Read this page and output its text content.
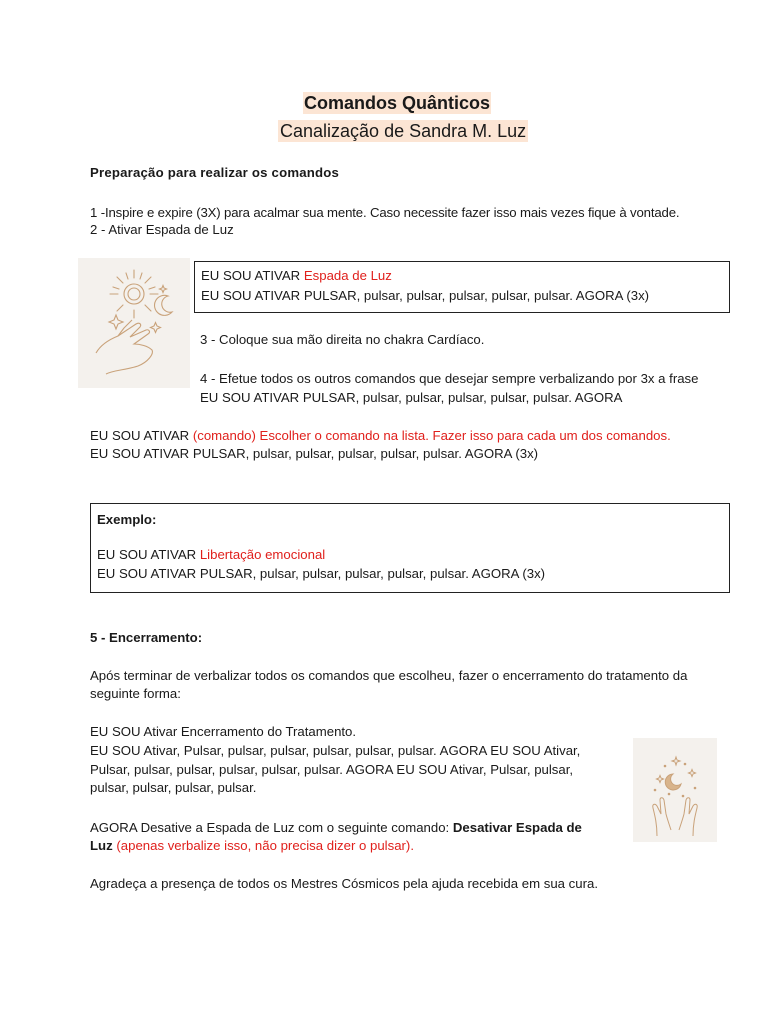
Comandos Quânticos
Canalização de Sandra M. Luz
Preparação para realizar os comandos
1 -Inspire e expire (3X) para acalmar sua mente. Caso necessite fazer isso mais vezes fique à vontade.
2 - Ativar Espada de Luz
EU SOU ATIVAR Espada de Luz
EU SOU ATIVAR PULSAR, pulsar, pulsar, pulsar, pulsar, pulsar. AGORA (3x)
3 - Coloque sua mão direita no chakra Cardíaco.
4 - Efetue todos os outros comandos que desejar sempre verbalizando por 3x a frase
EU SOU ATIVAR PULSAR, pulsar, pulsar, pulsar, pulsar, pulsar. AGORA
EU SOU ATIVAR (comando) Escolher o comando na lista. Fazer isso para cada um dos comandos.
EU SOU ATIVAR PULSAR, pulsar, pulsar, pulsar, pulsar, pulsar. AGORA (3x)
Exemplo:
EU SOU ATIVAR Libertação emocional
EU SOU ATIVAR PULSAR, pulsar, pulsar, pulsar, pulsar, pulsar. AGORA (3x)
5 - Encerramento:
Após terminar de verbalizar todos os comandos que escolheu, fazer o encerramento do tratamento da
seguinte forma:
EU SOU Ativar Encerramento do Tratamento.
EU SOU Ativar, Pulsar, pulsar, pulsar, pulsar, pulsar, pulsar. AGORA EU SOU Ativar,
Pulsar, pulsar, pulsar, pulsar, pulsar, pulsar. AGORA EU SOU Ativar, Pulsar, pulsar,
pulsar, pulsar, pulsar, pulsar.
AGORA Desative a Espada de Luz com o seguinte comando: Desativar Espada de
Luz (apenas verbalize isso, não precisa dizer o pulsar).
Agradeça a presença de todos os Mestres Cósmicos pela ajuda recebida em sua cura.
